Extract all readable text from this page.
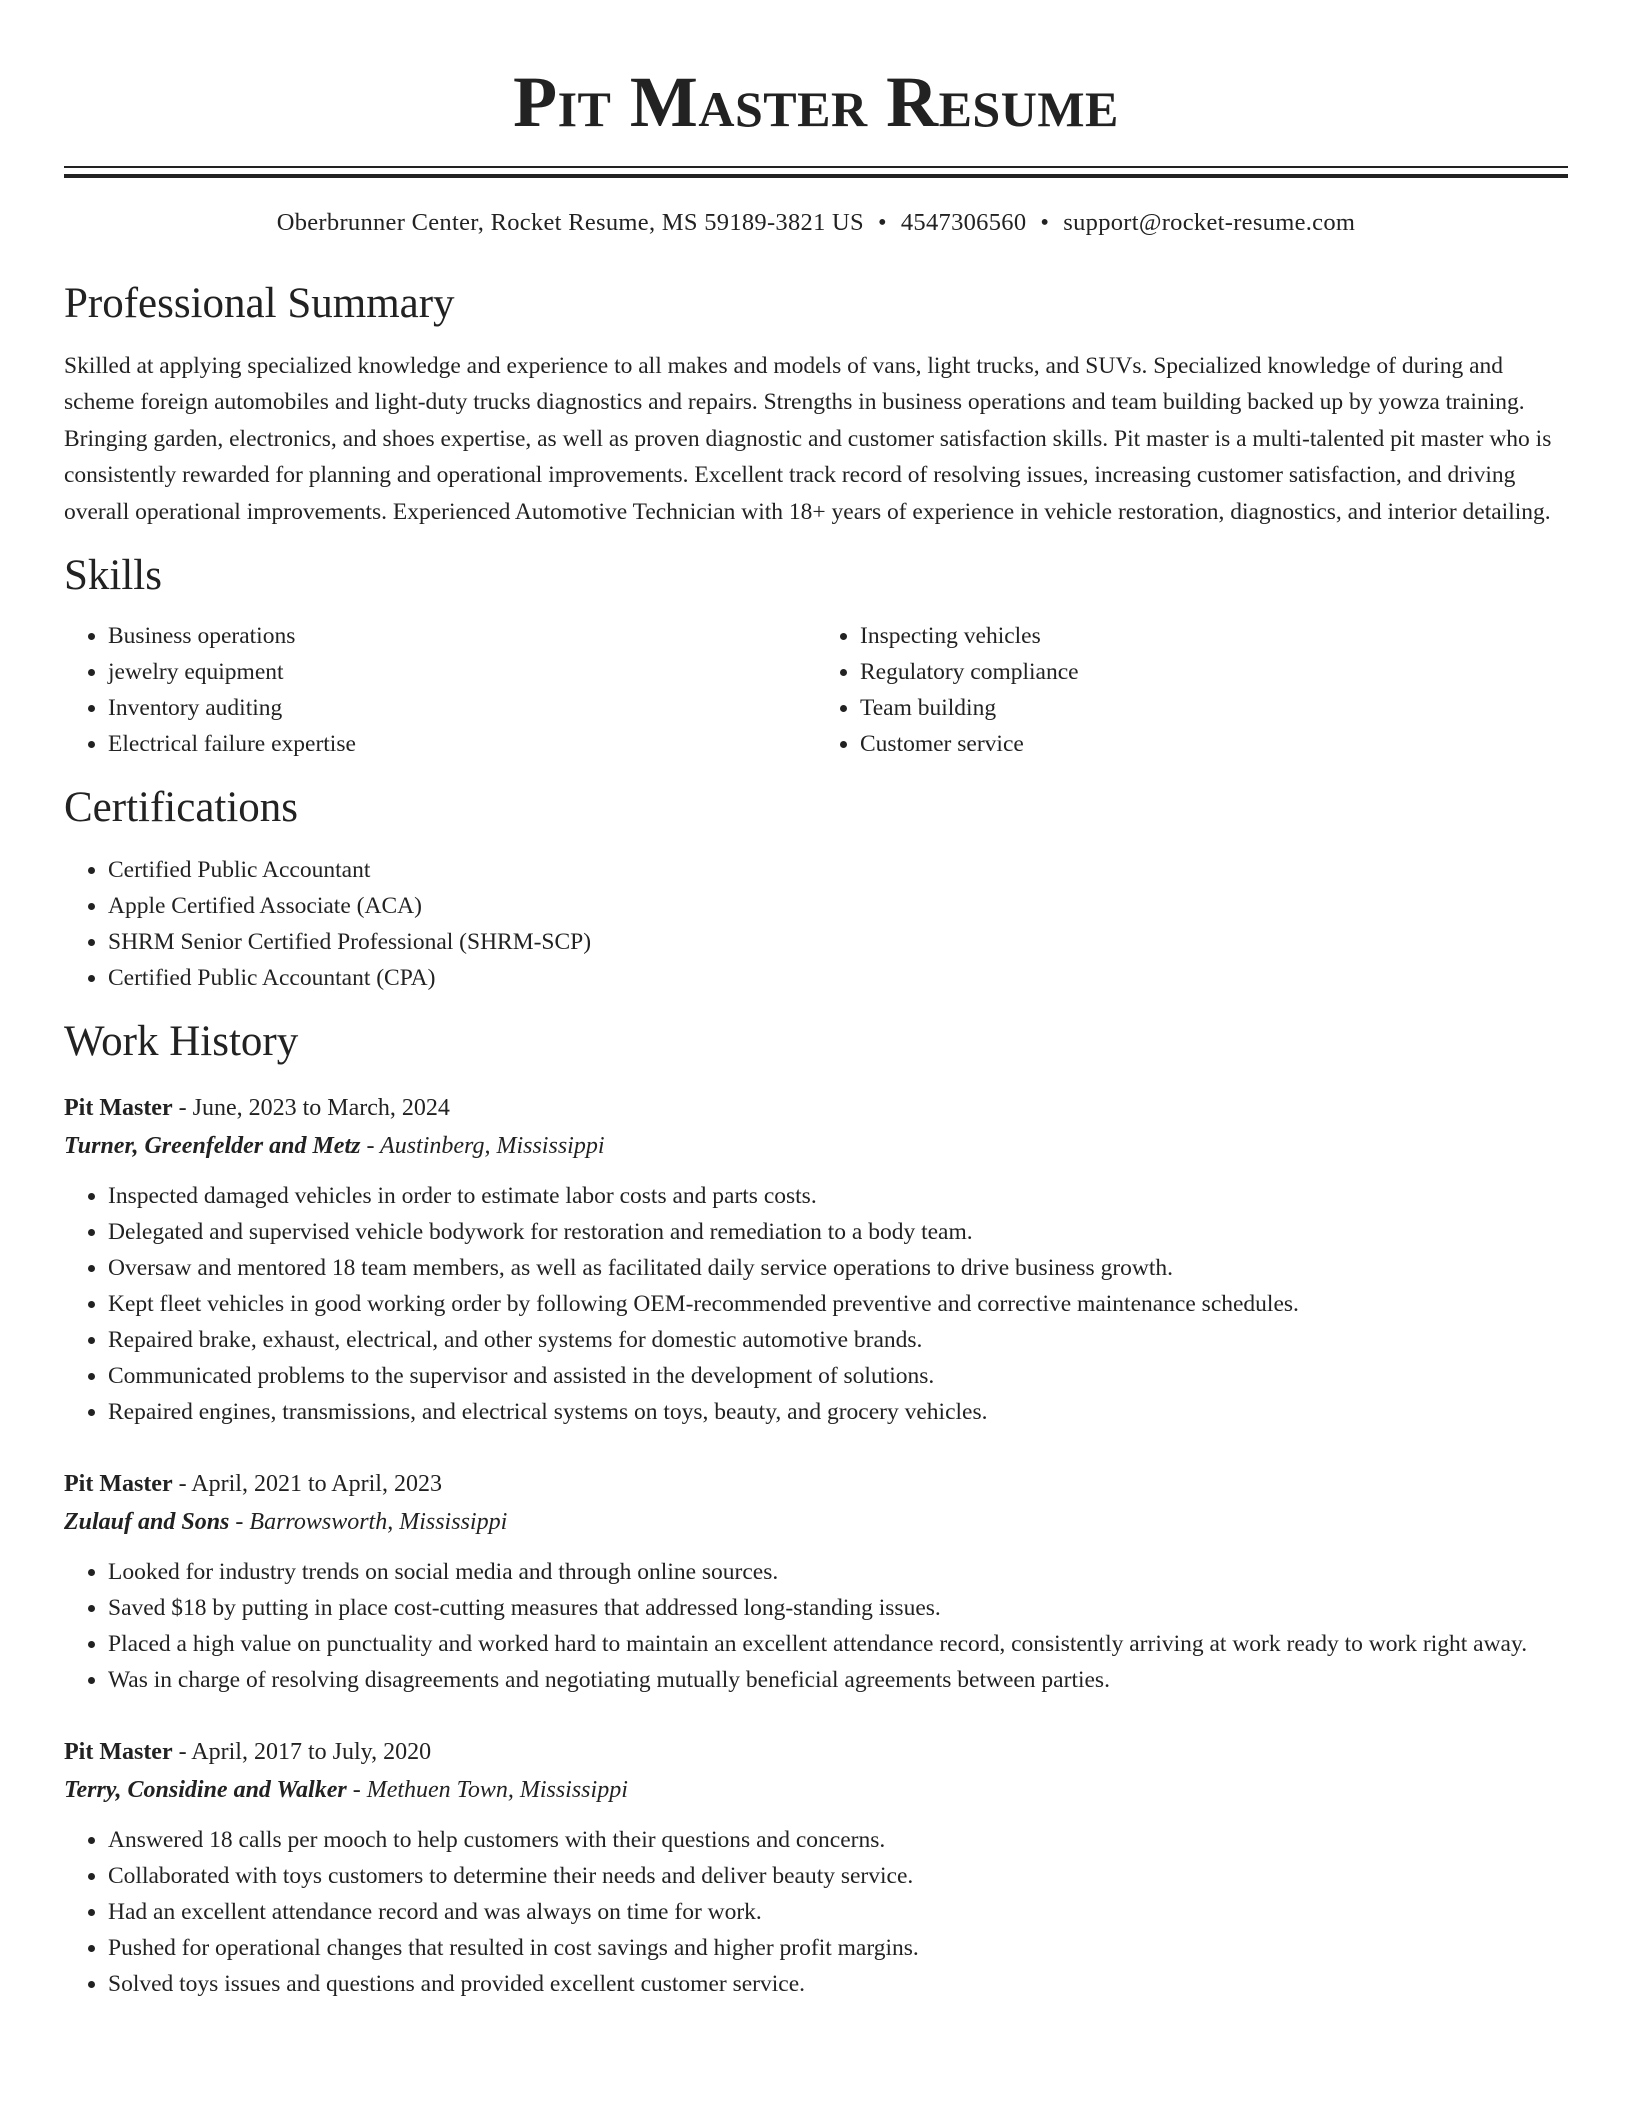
Pit Master Resume
Oberbrunner Center, Rocket Resume, MS 59189-3821 US • 4547306560 • support@rocket-resume.com
Professional Summary

Skilled at applying specialized knowledge and experience to all makes and models of vans, light trucks, and SUVs. Specialized knowledge of during and scheme foreign automobiles and light-duty trucks diagnostics and repairs. Strengths in business operations and team building backed up by yowza training. Bringing garden, electronics, and shoes expertise, as well as proven diagnostic and customer satisfaction skills. Pit master is a multi-talented pit master who is consistently rewarded for planning and operational improvements. Excellent track record of resolving issues, increasing customer satisfaction, and driving overall operational improvements. Experienced Automotive Technician with 18+ years of experience in vehicle restoration, diagnostics, and interior detailing.

Skills
• Business operations
• jewelry equipment
• Inventory auditing
• Electrical failure expertise
• Inspecting vehicles
• Regulatory compliance
• Team building
• Customer service
Certifications
• Certified Public Accountant
• Apple Certified Associate (ACA)
• SHRM Senior Certified Professional (SHRM-SCP)
• Certified Public Accountant (CPA)
Work History
Pit Master - June, 2023 to March, 2024
Turner, Greenfelder and Metz - Austinberg, Mississippi
• Inspected damaged vehicles in order to estimate labor costs and parts costs.
• Delegated and supervised vehicle bodywork for restoration and remediation to a body team.
• Oversaw and mentored 18 team members, as well as facilitated daily service operations to drive business growth.
• Kept fleet vehicles in good working order by following OEM-recommended preventive and corrective maintenance schedules.
• Repaired brake, exhaust, electrical, and other systems for domestic automotive brands.
• Communicated problems to the supervisor and assisted in the development of solutions.
• Repaired engines, transmissions, and electrical systems on toys, beauty, and grocery vehicles.
Pit Master - April, 2021 to April, 2023
Zulauf and Sons - Barrowsworth, Mississippi
• Looked for industry trends on social media and through online sources.
• Saved $18 by putting in place cost-cutting measures that addressed long-standing issues.
• Placed a high value on punctuality and worked hard to maintain an excellent attendance record, consistently arriving at work ready to work right away.
• Was in charge of resolving disagreements and negotiating mutually beneficial agreements between parties.
Pit Master - April, 2017 to July, 2020
Terry, Considine and Walker - Methuen Town, Mississippi
• Answered 18 calls per mooch to help customers with their questions and concerns.
• Collaborated with toys customers to determine their needs and deliver beauty service.
• Had an excellent attendance record and was always on time for work.
• Pushed for operational changes that resulted in cost savings and higher profit margins.
• Solved toys issues and questions and provided excellent customer service.
